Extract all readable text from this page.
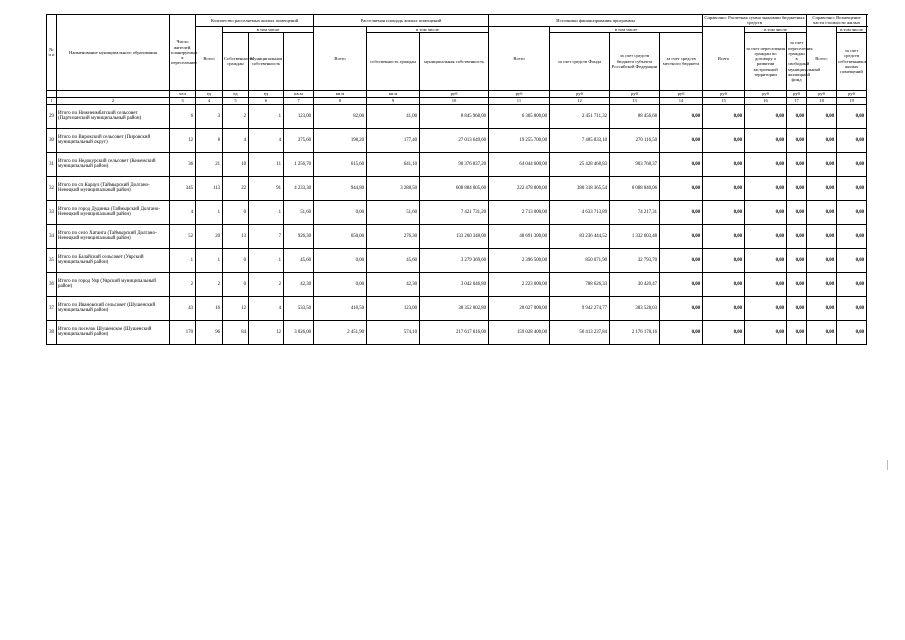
№ п п	Наименование муниципального образования	Число жителей, планируемых к переселению	Количество расселяемых жилых помещений				Расселяемая площадь жилых помещений			Источники финансирования программы				Справочно: Расчетная сумма экономии бюджетных средств			Справочно: Возмещение части стоимости жилых		
			Всего	в том числе			Всего	в том числе		Всего	в том числе			Всего	в том числе		Всего:	в том числе	
				Собственность граждан	Муниципальная собственность			собственность граждан	муниципальная собственность		за счет средств Фонда	за счет средств бюджета субъекта Российской Федерации	за счет средств местного бюджета		за счет переселения граждан по договору о развитии застроенной территории	за счет переселения граждан в свободный муниципальный жилищный фонд		за счет средств собственников жилых помещений	
		чел	ед	ед	ед	кв.м	кв.м	кв.м	руб	руб	руб	руб	руб	руб	руб	руб	руб	руб	
1	2	3	4	5	6	7	8	9	10	11	12	13	14	15	16	17	18	19	
29	Итого по Нижнеимбатский сельсовет (Партизанский муниципальный район)	6	3	2	1	123,00	82,00	41,00	8 845 968,00	6 305 800,00	2 451 711,32	88 456,68	0,00	0,00	0,00	0,00	0,00	0,00	
30	Итого по Вирокский сельсовет (Пировский муниципальный округ)	12	8	4	4	375,60	198,20	177,40	27 013 649,60	19 255 700,00	7 485 833,10	270 116,50	0,00	0,00	0,00	0,00	0,00	0,00	
31	Итого по Недокурский сельсовет (Кежемский муниципальный район)	36	21	10	11	1 256,70	615,60	641,10	90 376 837,20	64 044 600,00	25 428 468,83	903 768,37	0,00	0,00	0,00	0,00	0,00	0,00	
32	Итого по сп Караул (Таймырский Долгано-Ненецкий муниципальный район)	345	113	22	91	4 233,30	944,80	3 288,50	608 884 005,60	222 478 800,00	380 318 365,54	6 088 840,06	0,00	0,00	0,00	0,00	0,00	0,00	
33	Итого по город Дудинка (Таймырский Долгано-Ненецкий муниципальный район)	4	1	0	1	51,60	0,00	51,60	7 421 731,20	2 713 000,00	4 633 713,89	74 217,31	0,00	0,00	0,00	0,00	0,00	0,00	
34	Итого по село Хатанга (Таймырский Долгано-Ненецкий муниципальный район)	52	20	13	7	926,30	650,00	276,30	133 260 348,00	48 691 300,00	83 236 444,52	1 332 603,48	0,00	0,00	0,00	0,00	0,00	0,00	
35	Итого по Балайский сельсовет (Уярский муниципальный район)	1	1	0	1	45,60	0,00	45,60	3 279 369,60	2 396 500,00	850 071,90	32 793,70	0,00	0,00	0,00	0,00	0,00	0,00	
36	Итого по город Уяр (Уярский муниципальный район)	2	2	0	2	42,30	0,00	42,30	3 042 046,80	2 223 000,00	788 626,33	30 420,47	0,00	0,00	0,00	0,00	0,00	0,00	
37	Итого по Ивановский сельсовет (Шушенский муниципальный район)	43	16	12	4	533,50	410,50	123,00	38 352 802,80	28 027 000,00	9 942 274,77	383 528,03	0,00	0,00	0,00	0,00	0,00	0,00	
38	Итого по поселок Шушенское (Шушенский муниципальный район)	170	96	84	12	3 026,00	2 451,90	574,10	217 617 816,00	159 028 400,00	56 413 237,84	2 176 178,16	0,00	0,00	0,00	0,00	0,00	0,00	
